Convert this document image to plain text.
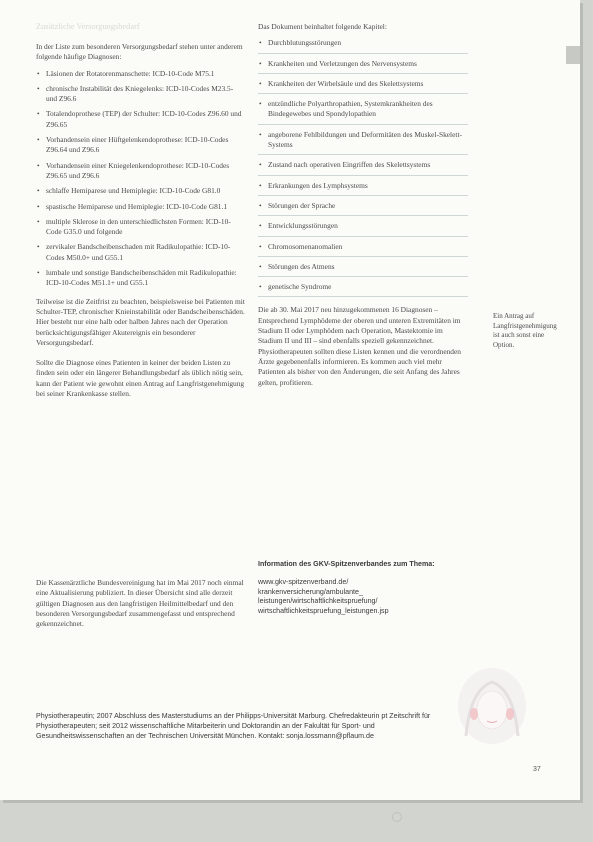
Zusätzliche Versorgungsbedarf

In der Liste zum besonderen Versorgungsbedarf stehen unter anderem folgende häufige Diagnosen:

• Läsionen der Rotatorenmanschette: ICD-10-Code M75.1
• chronische Instabilität des Kniegelenks: ICD-10-Codes M23.5- und Z96.6
• Totalendoprothese (TEP) der Schulter: ICD-10-Codes Z96.60 und Z96.65
• Vorhandensein einer Hüftgelenkendoprothese: ICD-10-Codes Z96.64 und Z96.6
• Vorhandensein einer Kniegelenkendoprothese: ICD-10-Codes Z96.65 und Z96.6
• schlaffe Hemiparese und Hemiplegie: ICD-10-Code G81.0
• spastische Hemiparese und Hemiplegie: ICD-10-Code G81.1
• multiple Sklerose in den unterschiedlichsten Formen: ICD-10-Code G35.0 und folgende
• zervikaler Bandscheibenschaden mit Radikulopathie: ICD-10-Codes M50.0+ und G55.1
• lumbale und sonstige Bandscheibenschäden mit Radikulopathie: ICD-10-Codes M51.1+ und G55.1

Teilweise ist die Zeitfrist zu beachten, beispielsweise bei Patienten mit Schulter-TEP, chronischer Knieinstabilität oder Bandscheibenschäden. Hier besteht nur eine halb oder halben Jahres nach der Operation berücksichtigungsfähiger Akutereignis ein besonderer Versorgungsbedarf.

Sollte die Diagnose eines Patienten in keiner der beiden Listen zu finden sein oder ein längerer Behandlungsbedarf als üblich nötig sein, kann der Patient wie gewohnt einen Antrag auf Langfristgenehmigung bei seiner Krankenkasse stellen.

Das Dokument beinhaltet folgende Kapitel:

• Durchblutungsstörungen
• Krankheiten und Verletzungen des Nervensystems
• Krankheiten der Wirbelsäule und des Skelettsystems
• entzündliche Polyarthropathien, Systemkrankheiten des Bindegewebes und Spondylopathien
• angeborene Fehlbildungen und Deformitäten des Muskel-Skelett-Systems
• Zustand nach operativen Eingriffen des Skelettsystems
• Erkrankungen des Lymphsystems
• Störungen der Sprache
• Entwicklungsstörungen
• Chromosomenanomalien
• Störungen des Atmens
• genetische Syndrome

Die ab 30. Mai 2017 neu hinzugekommenen 16 Diagnosen – Entsprechend Lymphödeme der oberen und unteren Extremitäten im Stadium II oder Lymphödem nach Operation, Mastektomie im Stadium II und III – sind ebenfalls speziell gekennzeichnet. Physiotherapeuten sollten diese Listen kennen und die verordnenden Ärzte gegebenenfalls informieren. Es kommen auch viel mehr Patienten als bisher von den Änderungen, die seit Anfang des Jahres gelten, profitieren.

Ein Antrag auf Langfristgenehmigung ist auch sonst eine Option.
Die Kassenärztliche Bundesvereinigung hat im Mai 2017 noch einmal eine Aktualisierung publiziert. In dieser Übersicht sind alle derzeit gültigen Diagnosen aus den langfristigen Heilmittelbedarf und den besonderen Versorgungsbedarf zusammengefasst und entsprechend gekennzeichnet.
Information des GKV-Spitzenverbandes zum Thema:
www.gkv-spitzenverband.de/
krankenversicherung/ambulante_
leistungen/wirtschaftlichkeitspruefung/
wirtschaftlichkeitspruefung_leistungen.jsp
Physiotherapeutin; 2007 Abschluss des Masterstudiums an der Philipps-Universität Marburg. Chefredakteurin pt Zeitschrift für Physiotherapeuten; seit 2012 wissenschaftliche Mitarbeiterin und Doktorandin an der Fakultät für Sport- und Gesundheitswissenschaften an der Technischen Universität München. Kontakt: sonja.lossmann@pflaum.de
37
